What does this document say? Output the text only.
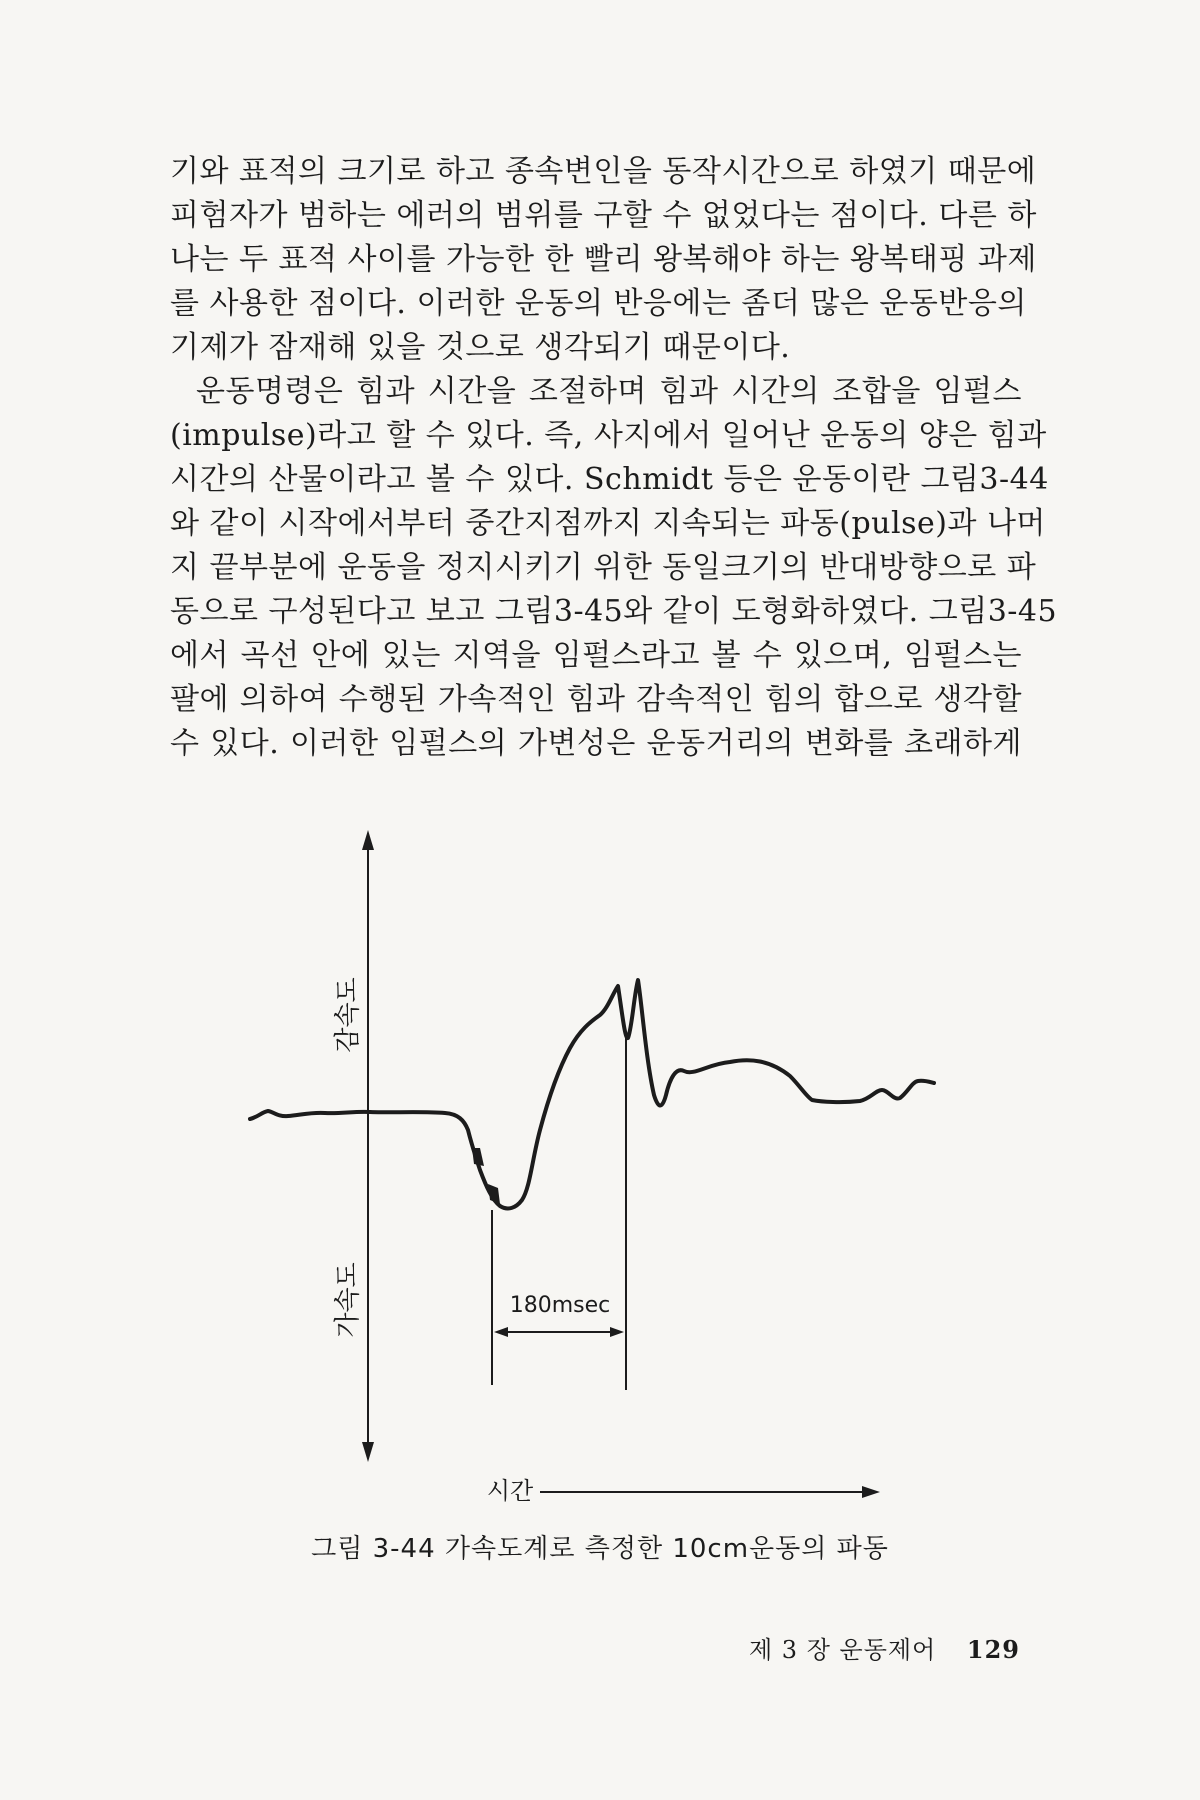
기와 표적의 크기로 하고 종속변인을 동작시간으로 하였기 때문에
피험자가 범하는 에러의 범위를 구할 수 없었다는 점이다. 다른 하
나는 두 표적 사이를 가능한 한 빨리 왕복해야 하는 왕복태핑 과제
를 사용한 점이다. 이러한 운동의 반응에는 좀더 많은 운동반응의
기제가 잠재해 있을 것으로 생각되기 때문이다.
운동명령은 힘과 시간을 조절하며 힘과 시간의 조합을 임펄스
(impulse)라고 할 수 있다. 즉, 사지에서 일어난 운동의 양은 힘과
시간의 산물이라고 볼 수 있다. Schmidt 등은 운동이란 그림3-44
와 같이 시작에서부터 중간지점까지 지속되는 파동(pulse)과 나머
지 끝부분에 운동을 정지시키기 위한 동일크기의 반대방향으로 파
동으로 구성된다고 보고 그림3-45와 같이 도형화하였다. 그림3-45
에서 곡선 안에 있는 지역을 임펄스라고 볼 수 있으며, 임펄스는
팔에 의하여 수행된 가속적인 힘과 감속적인 힘의 합으로 생각할
수 있다. 이러한 임펄스의 가변성은 운동거리의 변화를 초래하게
감속도
가속도	180msec
시간
그림 3-44 가속도계로 측정한 10cm운동의 파동
제 3 장 운동제어 129
